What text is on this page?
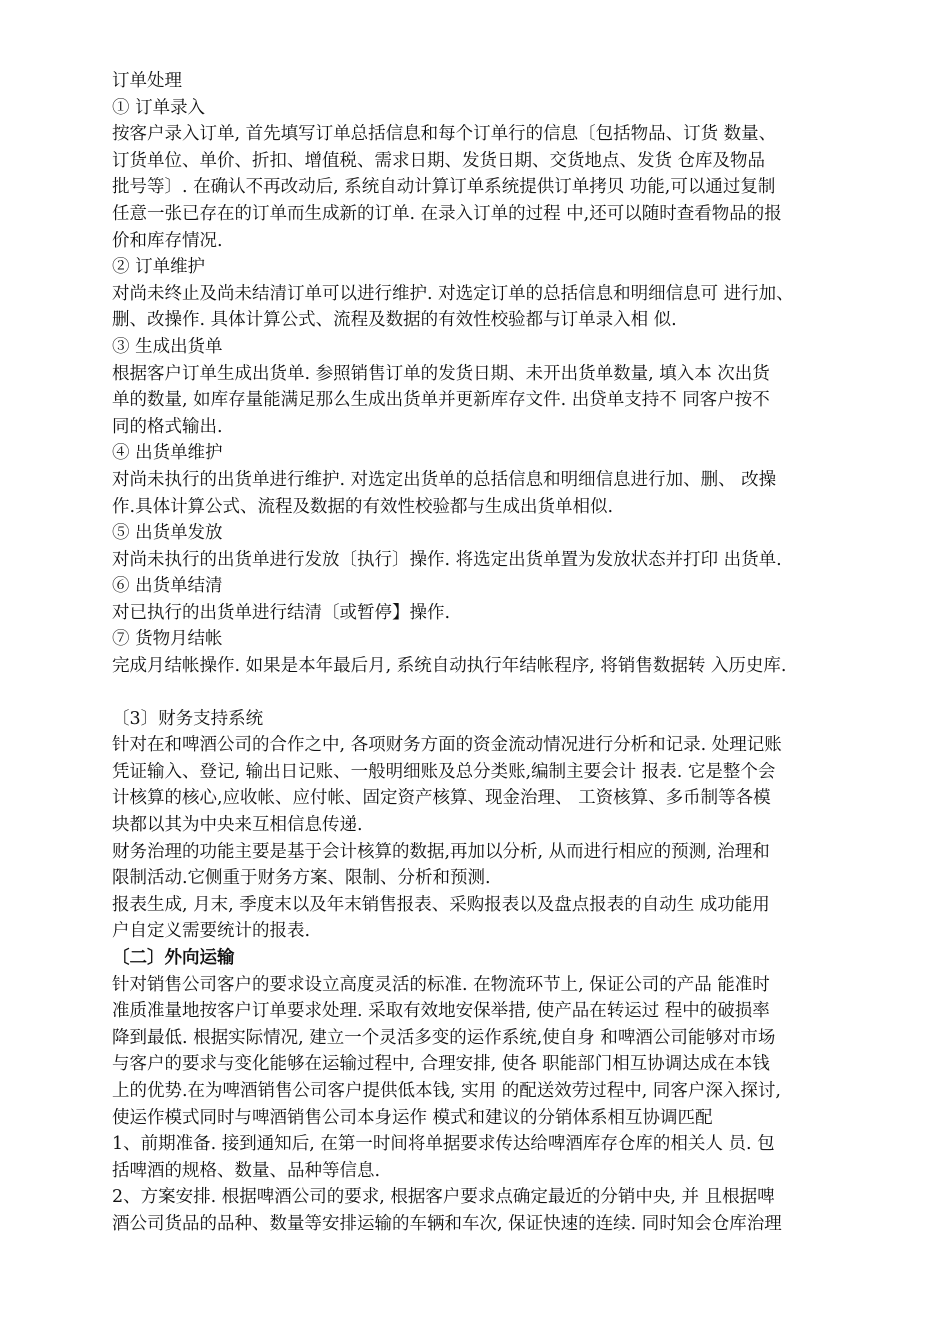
订单处理
① 订单录入
按客户录入订单, 首先填写订单总括信息和每个订单行的信息〔包括物品、订货 数量、
订货单位、单价、折扣、增值税、需求日期、发货日期、交货地点、发货 仓库及物品
批号等〕. 在确认不再改动后, 系统自动计算订单系统提供订单拷贝 功能,可以通过复制
任意一张已存在的订单而生成新的订单. 在录入订单的过程 中,还可以随时查看物品的报
价和库存情况.
② 订单维护
对尚未终止及尚未结清订单可以进行维护. 对选定订单的总括信息和明细信息可 进行加、
删、改操作. 具体计算公式、流程及数据的有效性校验都与订单录入相 似.
③ 生成出货单
根据客户订单生成出货单. 参照销售订单的发货日期、未开出货单数量, 填入本 次出货
单的数量, 如库存量能满足那么生成出货单并更新库存文件. 出贷单支持不 同客户按不
同的格式输出.
④ 出货单维护
对尚未执行的出货单进行维护. 对选定出货单的总括信息和明细信息进行加、删、 改操
作.具体计算公式、流程及数据的有效性校验都与生成出货单相似.
⑤ 出货单发放
对尚未执行的出货单进行发放〔执行〕操作. 将选定出货单置为发放状态并打印 出货单.
⑥ 出货单结清
对已执行的出货单进行结清〔或暂停】操作.
⑦ 货物月结帐
完成月结帐操作. 如果是本年最后月, 系统自动执行年结帐程序, 将销售数据转 入历史库.
〔3〕财务支持系统
针对在和啤酒公司的合作之中, 各项财务方面的资金流动情况进行分析和记录. 处理记账
凭证输入、登记, 输出日记账、一般明细账及总分类账,编制主要会计 报表. 它是整个会
计核算的核心,应收帐、应付帐、固定资产核算、现金治理、 工资核算、多币制等各模
块都以其为中央来互相信息传递.
财务治理的功能主要是基于会计核算的数据,再加以分析, 从而进行相应的预测, 治理和
限制活动.它侧重于财务方案、限制、分析和预测.
报表生成, 月末, 季度末以及年末销售报表、采购报表以及盘点报表的自动生 成功能用
户自定义需要统计的报表.
〔二〕外向运输
针对销售公司客户的要求设立高度灵活的标准. 在物流环节上, 保证公司的产品 能准时
准质准量地按客户订单要求处理. 采取有效地安保举措, 使产品在转运过 程中的破损率
降到最低. 根据实际情况, 建立一个灵活多变的运作系统,使自身 和啤酒公司能够对市场
与客户的要求与变化能够在运输过程中, 合理安排, 使各 职能部门相互协调达成在本钱
上的优势.在为啤酒销售公司客户提供低本钱, 实用 的配送效劳过程中, 同客户深入探讨,
使运作模式同时与啤酒销售公司本身运作 模式和建议的分销体系相互协调匹配
1、前期准备. 接到通知后, 在第一时间将单据要求传达给啤酒库存仓库的相关人 员. 包
括啤酒的规格、数量、品种等信息.
2、方案安排. 根据啤酒公司的要求, 根据客户要求点确定最近的分销中央, 并 且根据啤
酒公司货品的品种、数量等安排运输的车辆和车次, 保证快速的连续. 同时知会仓库治理
